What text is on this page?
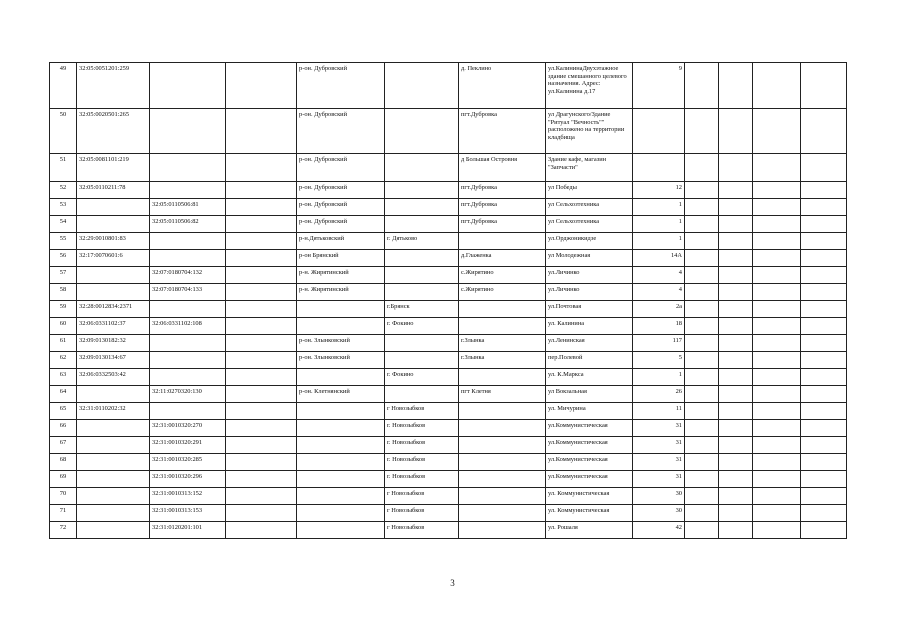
49	32:05:0051201:259			р-он. Дубровский		д. Пеклино	ул.КалининаДвухэтажное здание смешанного целевого назначения. Адрес: ул.Калинина д.17	9				
50	32:05:0020501:265			р-он. Дубровский		пгт.Дубровка	ул Драгунского/Здание "Ритуал "Вечность"" расположено на территории кладбища					
51	32:05:0081101:219			р-он. Дубровский		д Большая Островня	Здание кафе, магазин "Запчасти"					
52	32:05:0110211:78			р-он. Дубровский		пгт.Дубровка	ул Победы	12				
53		32:05:0110506:81		р-он. Дубровский		пгт.Дубровка	ул Сельхозтехника	1				
54		32:05:0110506:82		р-он. Дубровский		пгт.Дубровка	ул Сельхозтехника	1				
55	32:29:0010801:83			р-н.Дятьковский	г. Дятьково		ул.Орджоникидзе	1				
56	32:17:0070601:6			р-он Брянский		д.Глаженка	ул Молодежная	14А				
57		32:07:0180704:132		р-н. Жирятинский		с.Жирятино	ул.Личинко	4				
58		32:07:0180704:133		р-н. Жирятинский		с.Жирятино	ул.Личинко	4				
59	32:28:0012834:2371				г.Брянск		ул.Почтовая	2а				
60	32:06:0331102:37	32:06:0331102:108			г. Фокино		ул. Калинина	18				
61	32:09:0130182:32			р-он. Злынковский		г.Злынка	ул.Ленинская	117				
62	32:09:0130134:67			р-он. Злынковский		г.Злынка	пер.Полевой	5				
63	32:06:0332503:42				г. Фокино		ул. К.Маркса	1				
64		32:11:0270320:130		р-он. Клетнянский		пгт Клетня	ул Вокзальная	26				
65	32:31:0110202:32				г Новозыбков		ул. Мичурина	11				
66		32:31:0010320:270			г. Новозыбков		ул.Коммунистическая	31				
67		32:31:0010320:291			г. Новозыбков		ул.Коммунистическая	31				
68		32:31:0010320:285			г. Новозыбков		ул.Коммунистическая	31				
69		32:31:0010320:296			г. Новозыбков		ул.Коммунистическая	31				
70		32:31:0010313:152			г Новозыбков		ул. Коммунистическая	30				
71		32:31:0010313:153			г Новозыбков		ул. Коммунистическая	30				
72		32:31:0120201:101			г Новозыбков		ул. Рошаля	42				
3
